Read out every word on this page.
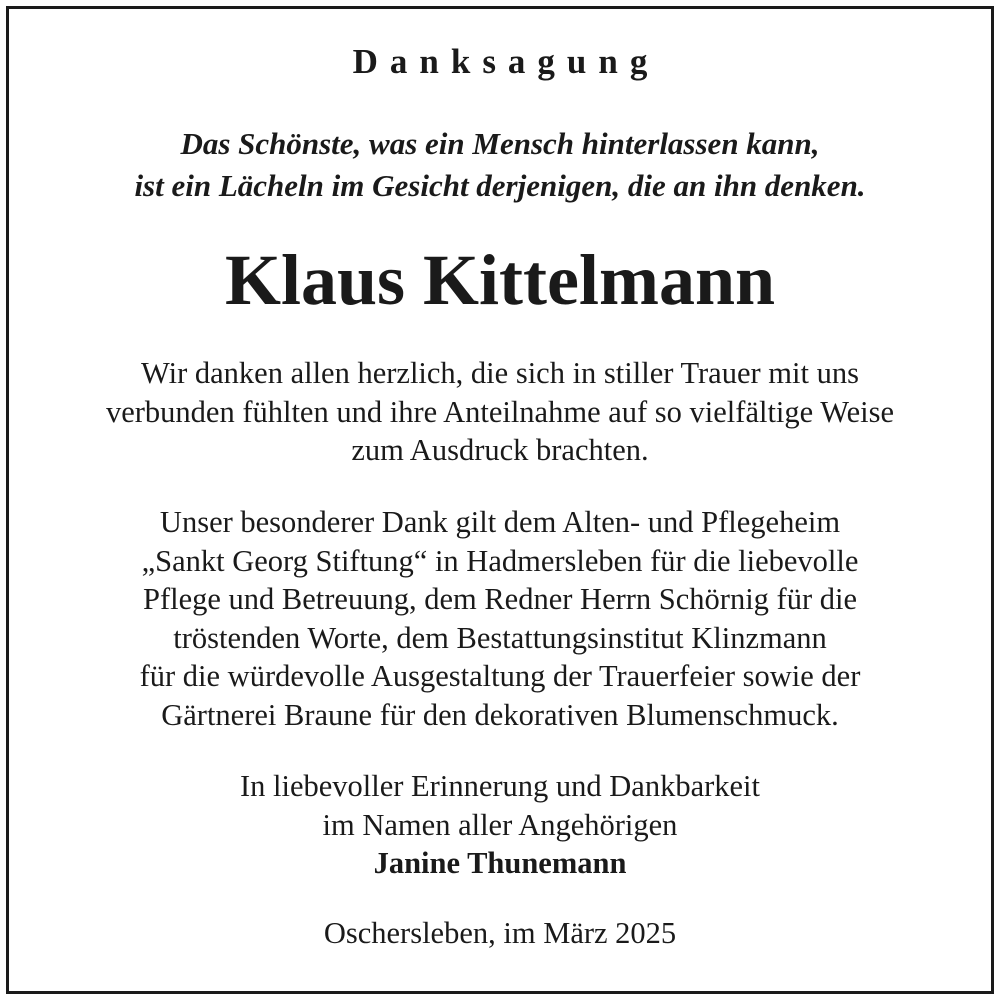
Danksagung
Das Schönste, was ein Mensch hinterlassen kann,
ist ein Lächeln im Gesicht derjenigen, die an ihn denken.
Klaus Kittelmann
Wir danken allen herzlich, die sich in stiller Trauer mit uns
verbunden fühlten und ihre Anteilnahme auf so vielfältige Weise
zum Ausdruck brachten.
Unser besonderer Dank gilt dem Alten- und Pflegeheim
„Sankt Georg Stiftung“ in Hadmersleben für die liebevolle
Pflege und Betreuung, dem Redner Herrn Schörnig für die
tröstenden Worte, dem Bestattungsinstitut Klinzmann
für die würdevolle Ausgestaltung der Trauerfeier sowie der
Gärtnerei Braune für den dekorativen Blumenschmuck.
In liebevoller Erinnerung und Dankbarkeit
im Namen aller Angehörigen
Janine Thunemann
Oschersleben, im März 2025
